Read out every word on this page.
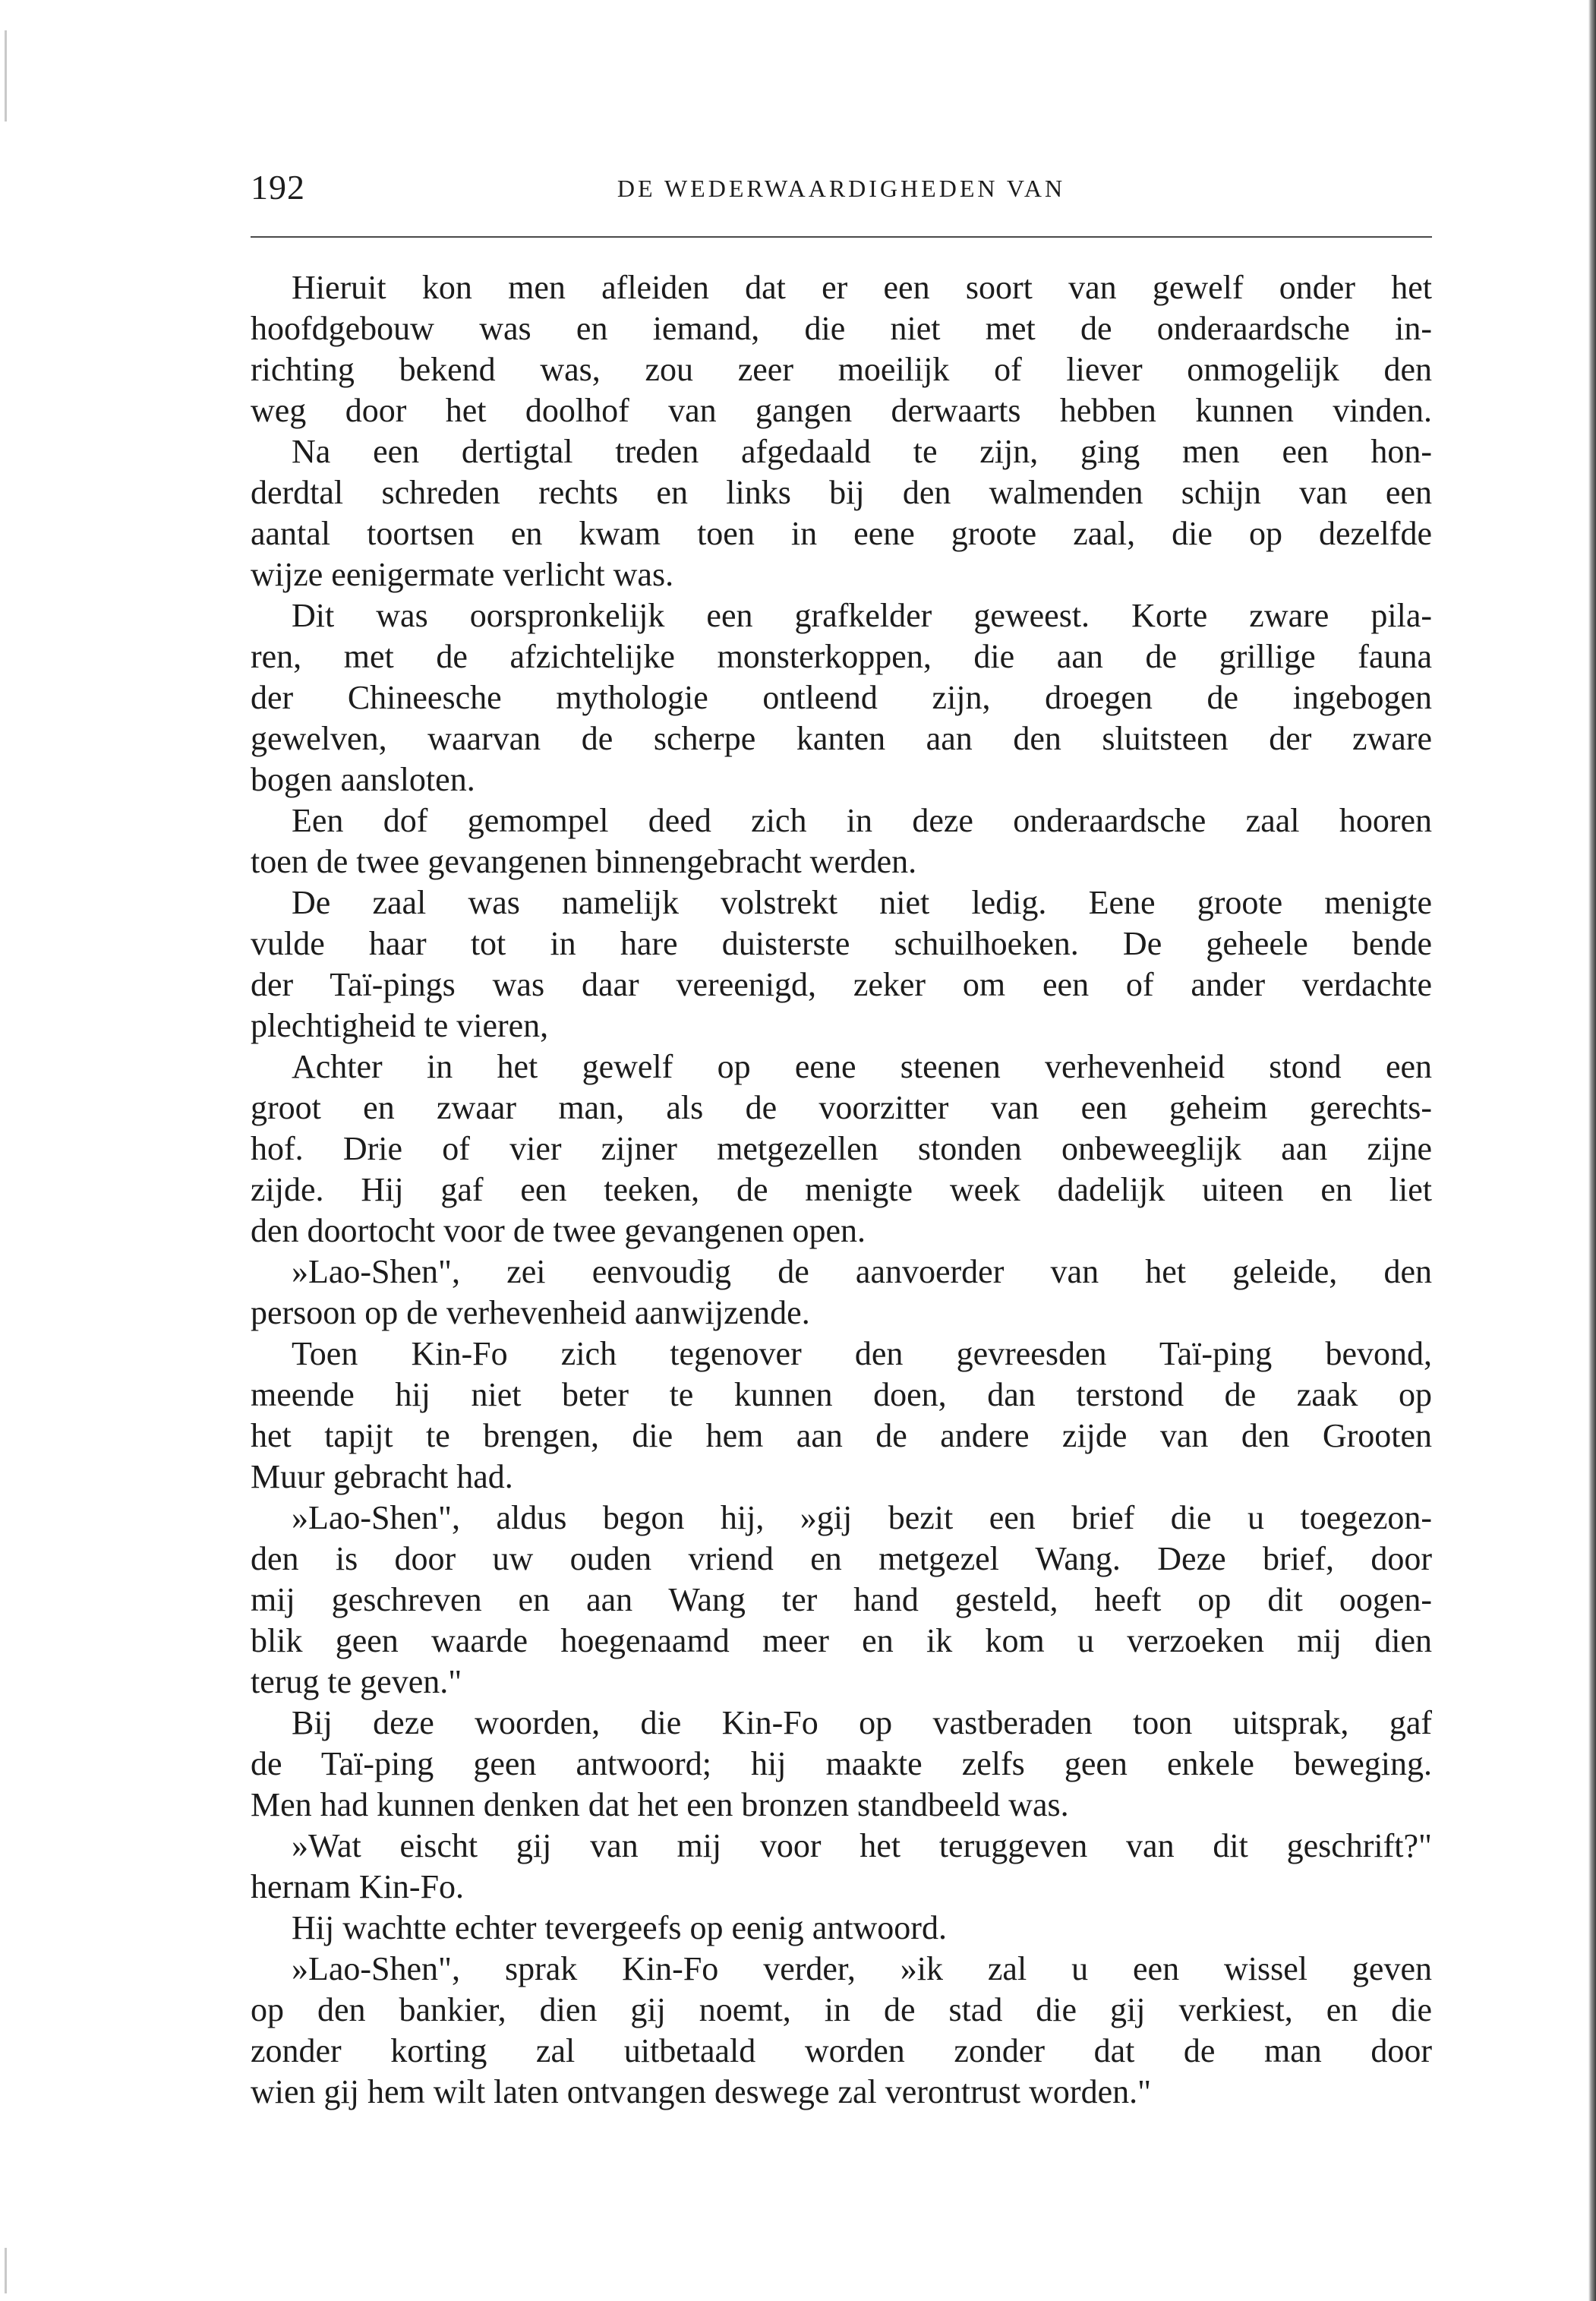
192	DE WEDERWAARDIGHEDEN VAN
Hieruit kon men afleiden dat er een soort van gewelf onder het
hoofdgebouw was en iemand, die niet met de onderaardsche in-
richting bekend was, zou zeer moeilijk of liever onmogelijk den
weg door het doolhof van gangen derwaarts hebben kunnen vinden.
Na een dertigtal treden afgedaald te zijn, ging men een hon-
derdtal schreden rechts en links bij den walmenden schijn van een
aantal toortsen en kwam toen in eene groote zaal, die op dezelfde
wijze eenigermate verlicht was.
Dit was oorspronkelijk een grafkelder geweest. Korte zware pila-
ren, met de afzichtelijke monsterkoppen, die aan de grillige fauna
der Chineesche mythologie ontleend zijn, droegen de ingebogen
gewelven, waarvan de scherpe kanten aan den sluitsteen der zware
bogen aansloten.
Een dof gemompel deed zich in deze onderaardsche zaal hooren
toen de twee gevangenen binnengebracht werden.
De zaal was namelijk volstrekt niet ledig. Eene groote menigte
vulde haar tot in hare duisterste schuilhoeken. De geheele bende
der Taï-pings was daar vereenigd, zeker om een of ander verdachte
plechtigheid te vieren,
Achter in het gewelf op eene steenen verhevenheid stond een
groot en zwaar man, als de voorzitter van een geheim gerechts-
hof. Drie of vier zijner metgezellen stonden onbeweeglijk aan zijne
zijde. Hij gaf een teeken, de menigte week dadelijk uiteen en liet
den doortocht voor de twee gevangenen open.
»Lao-Shen", zei eenvoudig de aanvoerder van het geleide, den
persoon op de verhevenheid aanwijzende.
Toen Kin-Fo zich tegenover den gevreesden Taï-ping bevond,
meende hij niet beter te kunnen doen, dan terstond de zaak op
het tapijt te brengen, die hem aan de andere zijde van den Grooten
Muur gebracht had.
»Lao-Shen", aldus begon hij, »gij bezit een brief die u toegezon-
den is door uw ouden vriend en metgezel Wang. Deze brief, door
mij geschreven en aan Wang ter hand gesteld, heeft op dit oogen-
blik geen waarde hoegenaamd meer en ik kom u verzoeken mij dien
terug te geven."
Bij deze woorden, die Kin-Fo op vastberaden toon uitsprak, gaf
de Taï-ping geen antwoord; hij maakte zelfs geen enkele beweging.
Men had kunnen denken dat het een bronzen standbeeld was.
»Wat eischt gij van mij voor het teruggeven van dit geschrift?"
hernam Kin-Fo.
Hij wachtte echter tevergeefs op eenig antwoord.
»Lao-Shen", sprak Kin-Fo verder, »ik zal u een wissel geven
op den bankier, dien gij noemt, in de stad die gij verkiest, en die
zonder korting zal uitbetaald worden zonder dat de man door
wien gij hem wilt laten ontvangen deswege zal verontrust worden."
